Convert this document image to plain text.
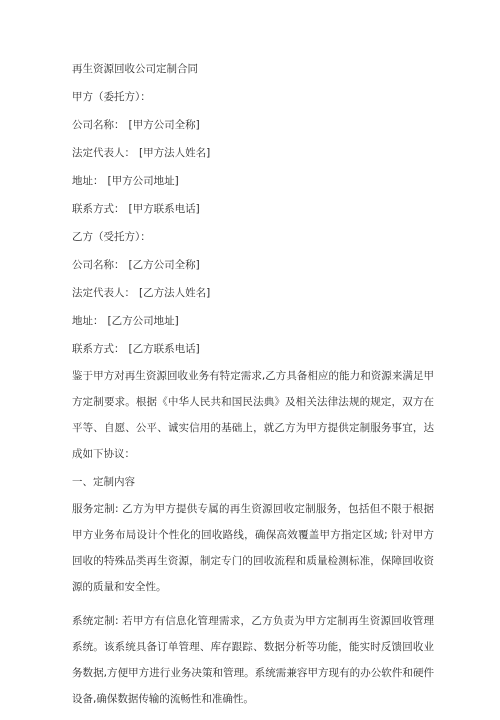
再生资源回收公司定制合同

甲方（委托方）：

公司名称： [甲方公司全称]

法定代表人： [甲方法人姓名]

地址： [甲方公司地址]

联系方式： [甲方联系电话]

乙方（受托方）：

公司名称： [乙方公司全称]

法定代表人： [乙方法人姓名]

地址： [乙方公司地址]

联系方式： [乙方联系电话]

鉴于甲方对再生资源回收业务有特定需求,乙方具备相应的能力和资源来满足甲方定制要求。根据《中华人民共和国民法典》及相关法律法规的规定，双方在平等、自愿、公平、诚实信用的基础上，就乙方为甲方提供定制服务事宜，达成如下协议：

一、定制内容

服务定制: 乙方为甲方提供专属的再生资源回收定制服务，包括但不限于根据甲方业务布局设计个性化的回收路线，确保高效覆盖甲方指定区域; 针对甲方回收的特殊品类再生资源，制定专门的回收流程和质量检测标准，保障回收资源的质量和安全性。

系统定制: 若甲方有信息化管理需求，乙方负责为甲方定制再生资源回收管理系统。该系统具备订单管理、库存跟踪、数据分析等功能，能实时反馈回收业务数据,方便甲方进行业务决策和管理。系统需兼容甲方现有的办公软件和硬件设备,确保数据传输的流畅性和准确性。
